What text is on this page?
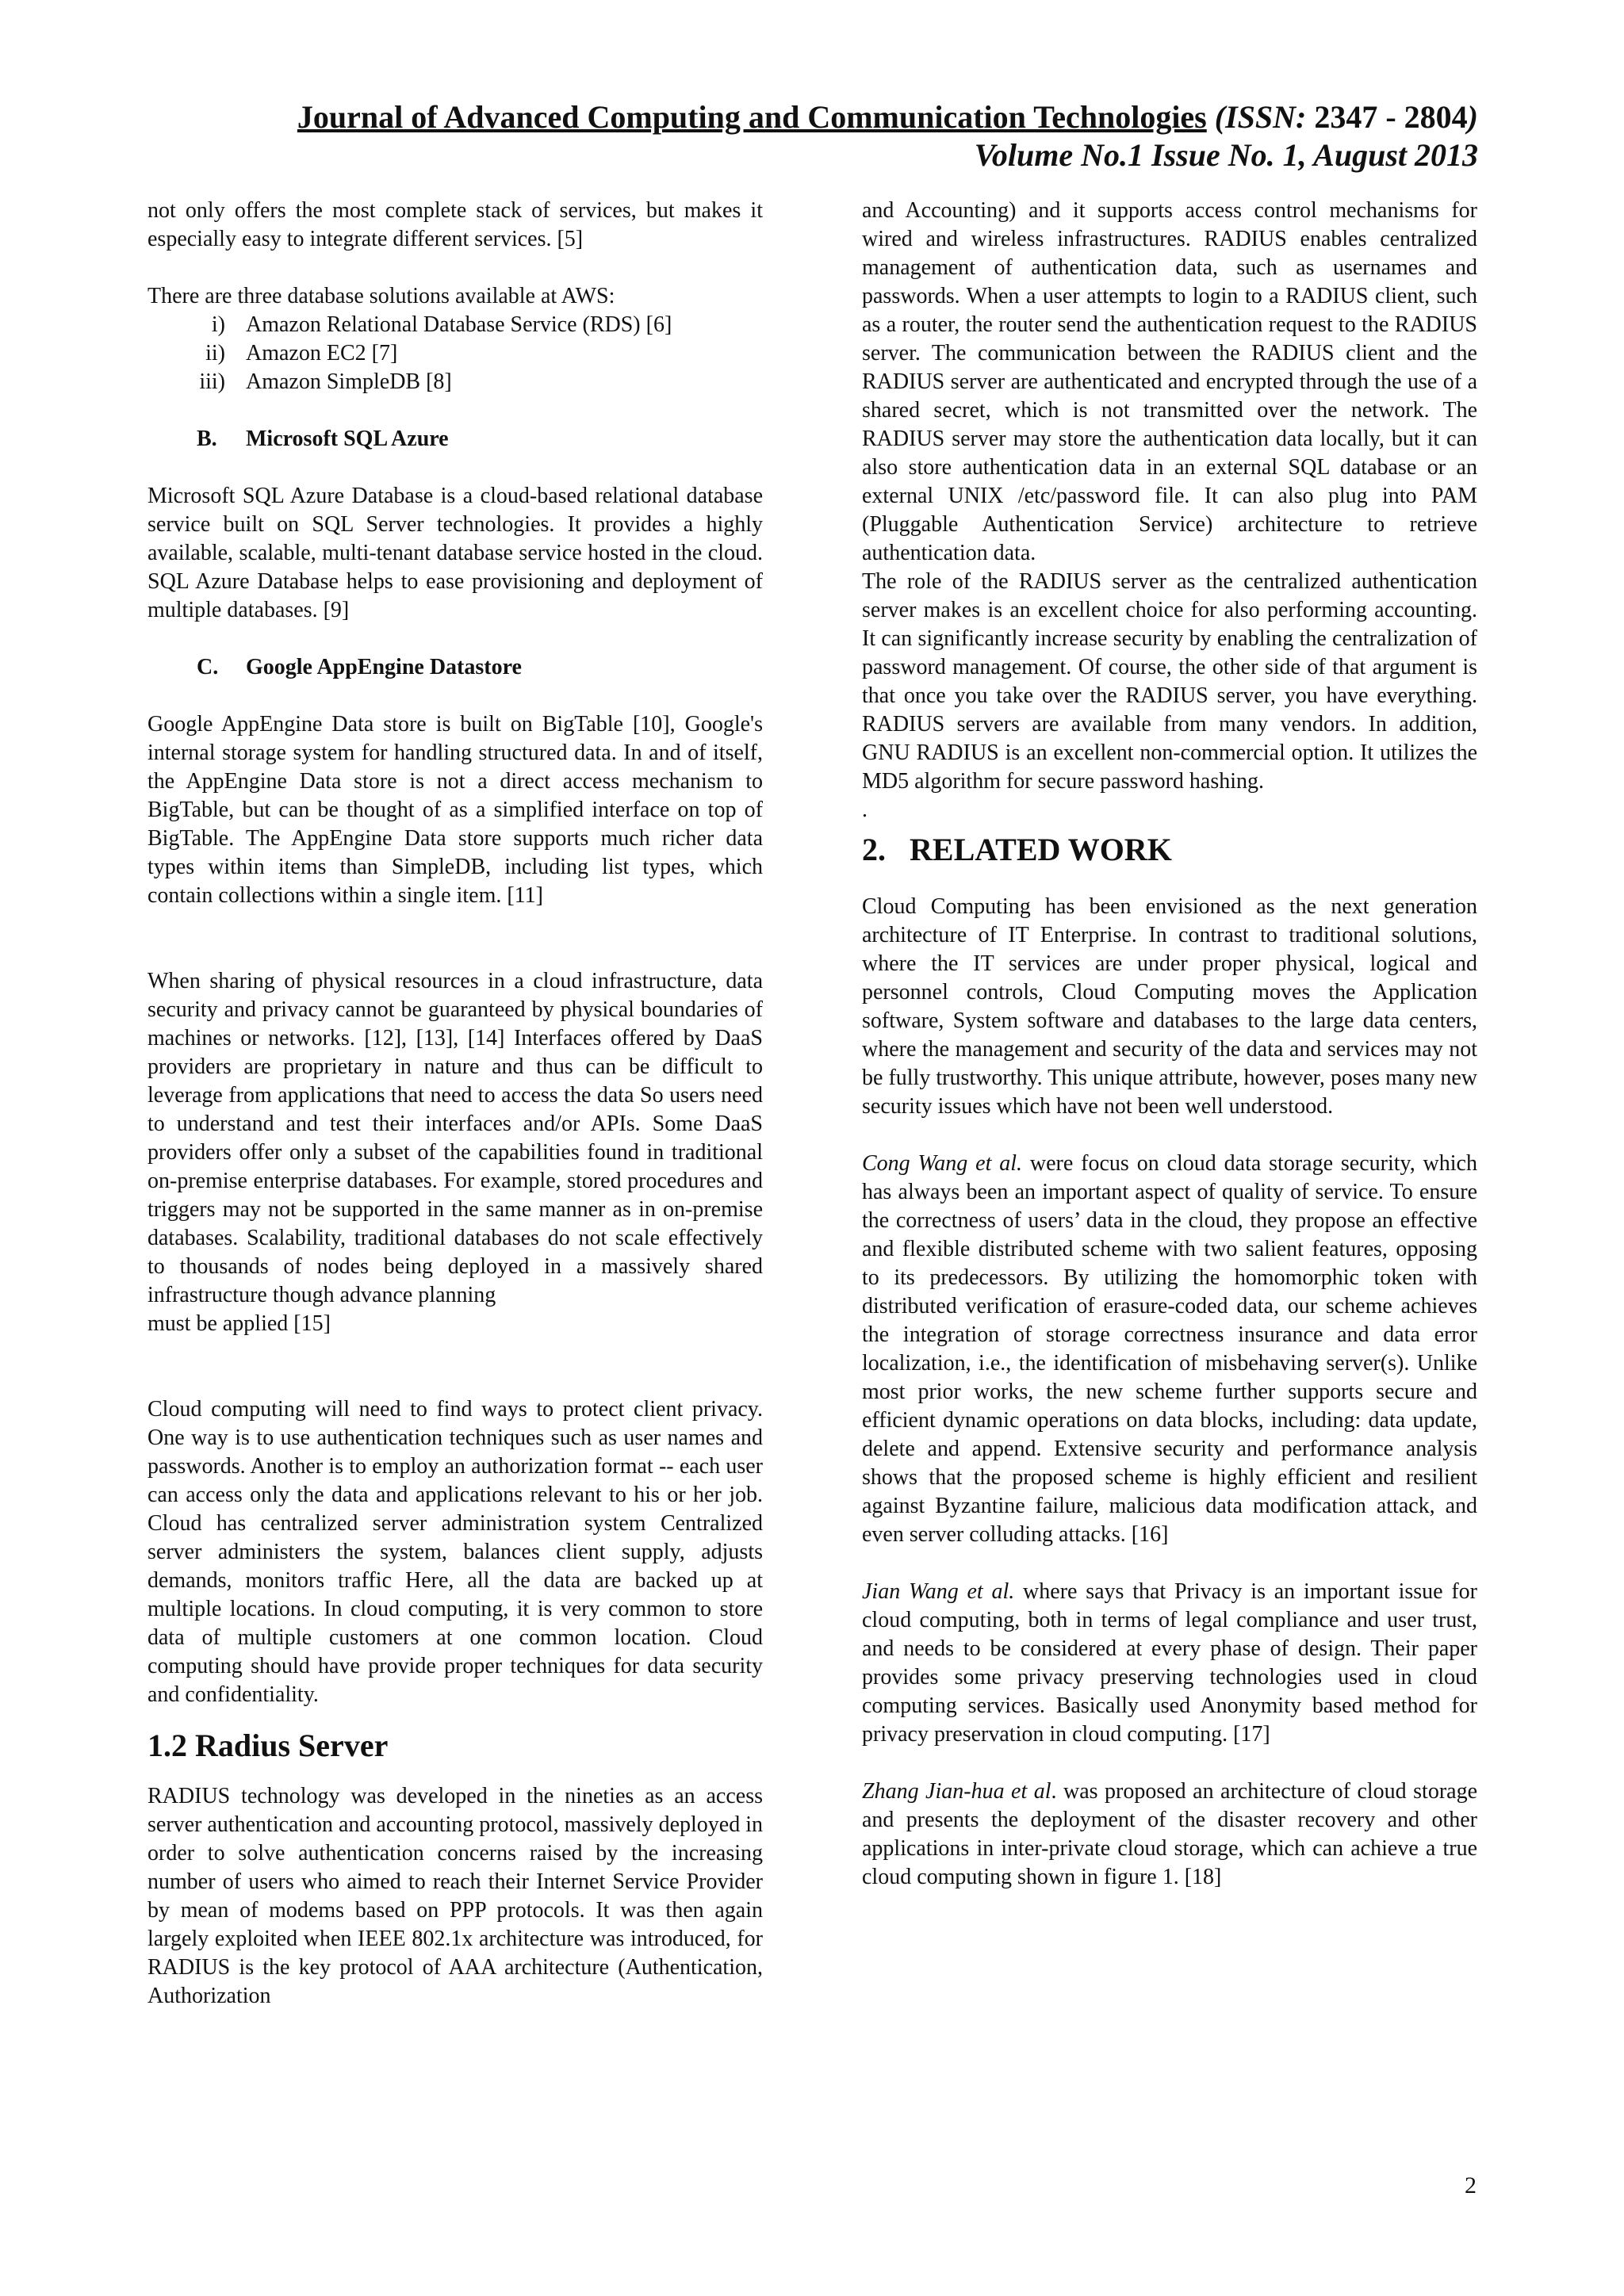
Journal of Advanced Computing and Communication Technologies (ISSN: 2347 - 2804)
Volume No.1 Issue No. 1, August 2013

not only offers the most complete stack of services, but makes it especially easy to integrate different services. [5]

There are three database solutions available at AWS:

i) Amazon Relational Database Service (RDS) [6]
ii) Amazon EC2 [7]
iii) Amazon SimpleDB [8]
B. Microsoft SQL Azure

Microsoft SQL Azure Database is a cloud-based relational database service built on SQL Server technologies. It provides a highly available, scalable, multi-tenant database service hosted in the cloud. SQL Azure Database helps to ease provisioning and deployment of multiple databases. [9]

C. Google AppEngine Datastore

Google AppEngine Data store is built on BigTable [10], Google's internal storage system for handling structured data. In and of itself, the AppEngine Data store is not a direct access mechanism to BigTable, but can be thought of as a simplified interface on top of BigTable. The AppEngine Data store supports much richer data types within items than SimpleDB, including list types, which contain collections within a single item. [11]

When sharing of physical resources in a cloud infrastructure, data security and privacy cannot be guaranteed by physical boundaries of machines or networks. [12], [13], [14] Interfaces offered by DaaS providers are proprietary in nature and thus can be difficult to leverage from applications that need to access the data So users need to understand and test their interfaces and/or APIs. Some DaaS providers offer only a subset of the capabilities found in traditional on-premise enterprise databases. For example, stored procedures and triggers may not be supported in the same manner as in on-premise databases. Scalability, traditional databases do not scale effectively to thousands of nodes being deployed in a massively shared infrastructure though advance planning

must be applied [15]

Cloud computing will need to find ways to protect client privacy. One way is to use authentication techniques such as user names and passwords. Another is to employ an authorization format -- each user can access only the data and applications relevant to his or her job. Cloud has centralized server administration system Centralized server administers the system, balances client supply, adjusts demands, monitors traffic Here, all the data are backed up at multiple locations. In cloud computing, it is very common to store data of multiple customers at one common location. Cloud computing should have provide proper techniques for data security and confidentiality.

1.2 Radius Server

RADIUS technology was developed in the nineties as an access server authentication and accounting protocol, massively deployed in order to solve authentication concerns raised by the increasing number of users who aimed to reach their Internet Service Provider by mean of modems based on PPP protocols. It was then again largely exploited when IEEE 802.1x architecture was introduced, for RADIUS is the key protocol of AAA architecture (Authentication, Authorization

and Accounting) and it supports access control mechanisms for wired and wireless infrastructures. RADIUS enables centralized management of authentication data, such as usernames and passwords. When a user attempts to login to a RADIUS client, such as a router, the router send the authentication request to the RADIUS server. The communication between the RADIUS client and the RADIUS server are authenticated and encrypted through the use of a shared secret, which is not transmitted over the network. The RADIUS server may store the authentication data locally, but it can also store authentication data in an external SQL database or an external UNIX /etc/password file. It can also plug into PAM (Pluggable Authentication Service) architecture to retrieve authentication data.

The role of the RADIUS server as the centralized authentication server makes is an excellent choice for also performing accounting. It can significantly increase security by enabling the centralization of password management. Of course, the other side of that argument is that once you take over the RADIUS server, you have everything. RADIUS servers are available from many vendors. In addition, GNU RADIUS is an excellent non-commercial option. It utilizes the MD5 algorithm for secure password hashing.

.

2.   RELATED WORK

Cloud Computing has been envisioned as the next generation architecture of IT Enterprise. In contrast to traditional solutions, where the IT services are under proper physical, logical and personnel controls, Cloud Computing moves the Application software, System software and databases to the large data centers, where the management and security of the data and services may not be fully trustworthy. This unique attribute, however, poses many new security issues which have not been well understood.

Cong Wang et al. were focus on cloud data storage security, which has always been an important aspect of quality of service. To ensure the correctness of users’ data in the cloud, they propose an effective and flexible distributed scheme with two salient features, opposing to its predecessors. By utilizing the homomorphic token with distributed verification of erasure-coded data, our scheme achieves the integration of storage correctness insurance and data error localization, i.e., the identification of misbehaving server(s). Unlike most prior works, the new scheme further supports secure and efficient dynamic operations on data blocks, including: data update, delete and append. Extensive security and performance analysis shows that the proposed scheme is highly efficient and resilient against Byzantine failure, malicious data modification attack, and even server colluding attacks. [16]

Jian Wang et al. where says that Privacy is an important issue for cloud computing, both in terms of legal compliance and user trust, and needs to be considered at every phase of design. Their paper provides some privacy preserving technologies used in cloud computing services. Basically used Anonymity based method for privacy preservation in cloud computing. [17]

Zhang Jian-hua et al. was proposed an architecture of cloud storage and presents the deployment of the disaster recovery and other applications in inter-private cloud storage, which can achieve a true cloud computing shown in figure 1. [18]

2
